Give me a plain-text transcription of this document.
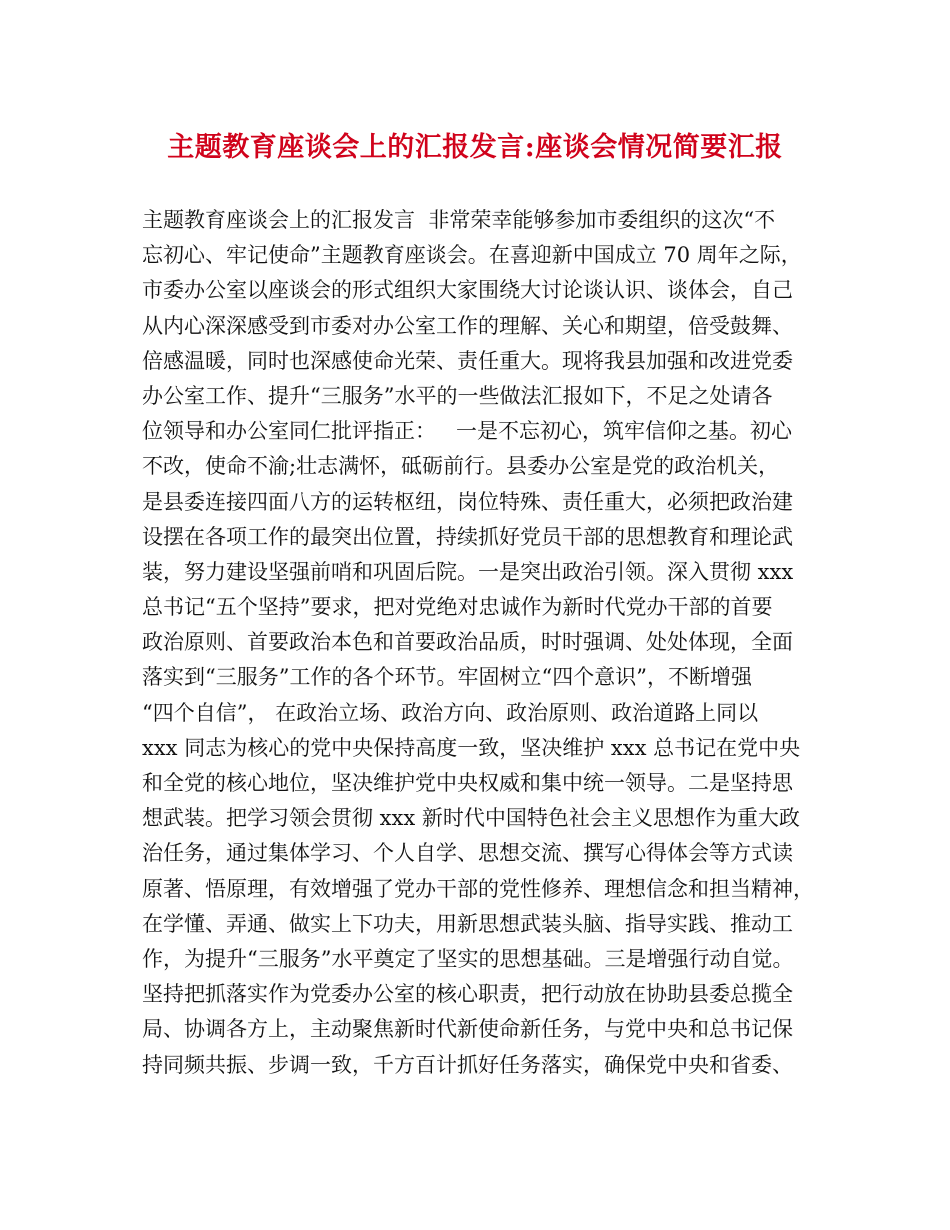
主题教育座谈会上的汇报发言:座谈会情况简要汇报
主题教育座谈会上的汇报发言  非常荣幸能够参加市委组织的这次“不
忘初心、牢记使命”主题教育座谈会。在喜迎新中国成立 70 周年之际，
市委办公室以座谈会的形式组织大家围绕大讨论谈认识、谈体会，自己
从内心深深感受到市委对办公室工作的理解、关心和期望，倍受鼓舞、
倍感温暖，同时也深感使命光荣、责任重大。现将我县加强和改进党委
办公室工作、提升“三服务”水平的一些做法汇报如下，不足之处请各
位领导和办公室同仁批评指正：   一是不忘初心，筑牢信仰之基。初心
不改，使命不渝;壮志满怀，砥砺前行。县委办公室是党的政治机关，
是县委连接四面八方的运转枢纽，岗位特殊、责任重大，必须把政治建
设摆在各项工作的最突出位置，持续抓好党员干部的思想教育和理论武
装，努力建设坚强前哨和巩固后院。一是突出政治引领。深入贯彻 xxx
总书记“五个坚持”要求，把对党绝对忠诚作为新时代党办干部的首要
政治原则、首要政治本色和首要政治品质，时时强调、处处体现，全面
落实到“三服务”工作的各个环节。牢固树立“四个意识”，不断增强
“四个自信”， 在政治立场、政治方向、政治原则、政治道路上同以
xxx 同志为核心的党中央保持高度一致，坚决维护 xxx 总书记在党中央
和全党的核心地位，坚决维护党中央权威和集中统一领导。二是坚持思
想武装。把学习领会贯彻 xxx 新时代中国特色社会主义思想作为重大政
治任务，通过集体学习、个人自学、思想交流、撰写心得体会等方式读
原著、悟原理，有效增强了党办干部的党性修养、理想信念和担当精神，
在学懂、弄通、做实上下功夫，用新思想武装头脑、指导实践、推动工
作，为提升“三服务”水平奠定了坚实的思想基础。三是增强行动自觉。
坚持把抓落实作为党委办公室的核心职责，把行动放在协助县委总揽全
局、协调各方上，主动聚焦新时代新使命新任务，与党中央和总书记保
持同频共振、步调一致，千方百计抓好任务落实，确保党中央和省委、
